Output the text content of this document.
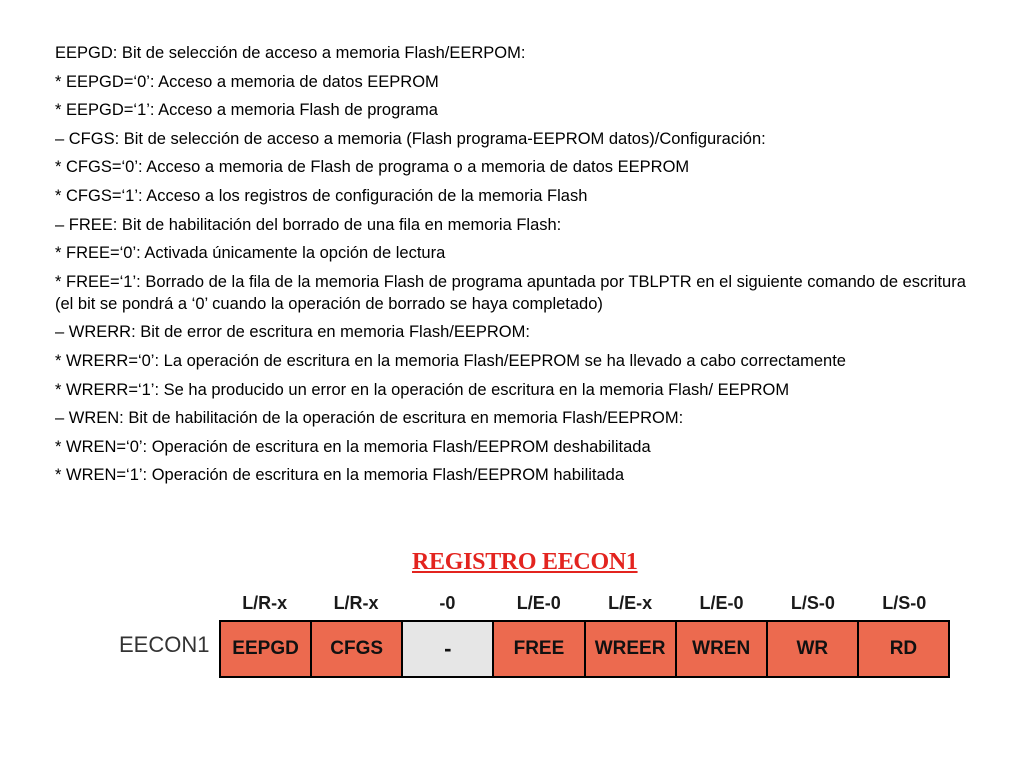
EEPGD: Bit de selección de acceso a memoria Flash/EERPOM:

* EEPGD=‘0’: Acceso a memoria de datos EEPROM

* EEPGD=‘1’: Acceso a memoria Flash de programa

– CFGS: Bit de selección de acceso a memoria (Flash programa-EEPROM datos)/Configuración:

* CFGS=‘0’: Acceso a memoria de Flash de programa o a memoria de datos EEPROM

* CFGS=‘1’: Acceso a los registros de configuración de la memoria Flash

– FREE: Bit de habilitación del borrado de una fila en memoria Flash:

* FREE=‘0’: Activada únicamente la opción de lectura

* FREE=‘1’: Borrado de la fila de la memoria Flash de programa apuntada por TBLPTR en el siguiente comando de escritura (el bit se pondrá a ‘0’ cuando la operación de borrado se haya completado)

– WRERR: Bit de error de escritura en memoria Flash/EEPROM:

* WRERR=‘0’: La operación de escritura en la memoria Flash/EEPROM se ha llevado a cabo correctamente

* WRERR=‘1’: Se ha producido un error en la operación de escritura en la memoria Flash/ EEPROM

– WREN: Bit de habilitación de la operación de escritura en memoria Flash/EEPROM:

* WREN=‘0’: Operación de escritura en la memoria Flash/EEPROM deshabilitada

* WREN=‘1’: Operación de escritura en la memoria Flash/EEPROM habilitada

REGISTRO EECON1
EECON1
L/R-x	L/R-x	-0	L/E-0	L/E-x	L/E-0	L/S-0	L/S-0
EEPGD	CFGS	-	FREE	WREER	WREN	WR	RD
